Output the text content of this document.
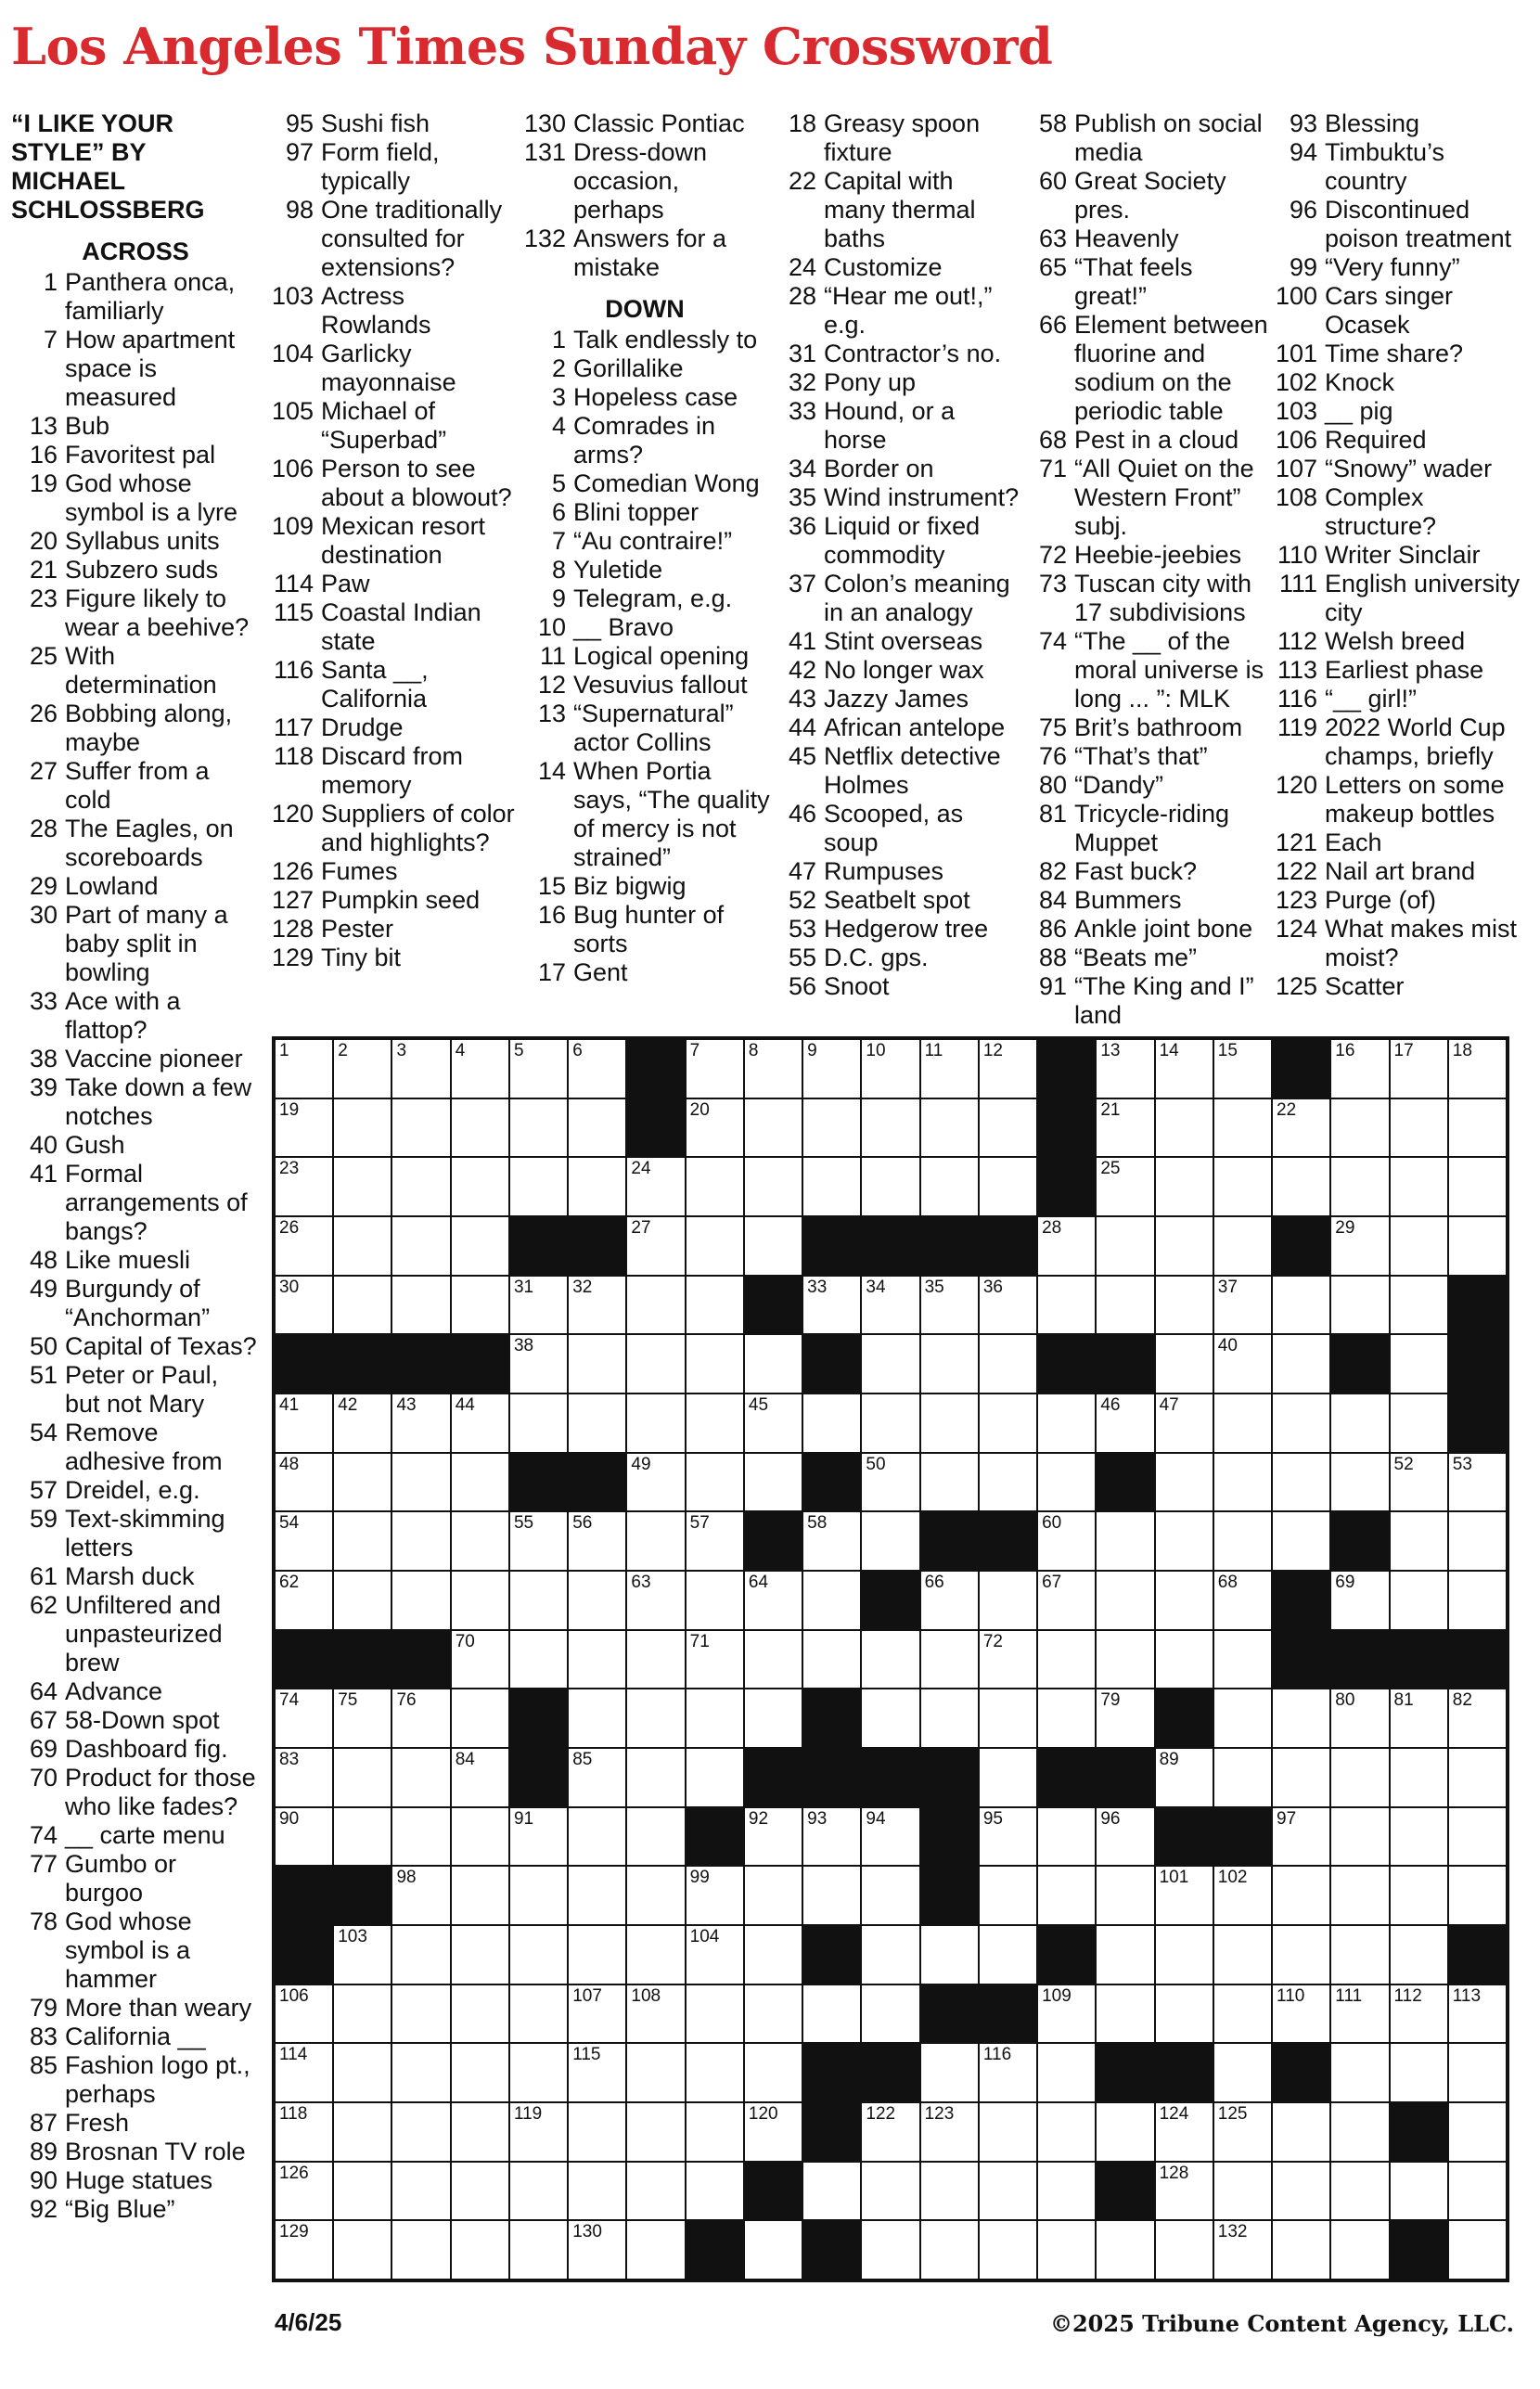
Los Angeles Times Sunday Crossword
“I LIKE YOUR STYLE” BY MICHAEL SCHLOSSBERG
ACROSS
1 Panthera onca, familiarly
7 How apartment space is measured
13 Bub
16 Favoritest pal
19 God whose symbol is a lyre
20 Syllabus units
21 Subzero suds
23 Figure likely to wear a beehive?
25 With determination
26 Bobbing along, maybe
27 Suffer from a cold
28 The Eagles, on scoreboards
29 Lowland
30 Part of many a baby split in bowling
33 Ace with a flattop?
38 Vaccine pioneer
39 Take down a few notches
40 Gush
41 Formal arrangements of bangs?
48 Like muesli
49 Burgundy of “Anchorman”
50 Capital of Texas?
51 Peter or Paul, but not Mary
54 Remove adhesive from
57 Dreidel, e.g.
59 Text-skimming letters
61 Marsh duck
62 Unfiltered and unpasteurized brew
64 Advance
67 58-Down spot
69 Dashboard fig.
70 Product for those who like fades?
74 __ carte menu
77 Gumbo or burgoo
78 God whose symbol is a hammer
79 More than weary
83 California __
85 Fashion logo pt., perhaps
87 Fresh
89 Brosnan TV role
90 Huge statues
92 “Big Blue”
95 Sushi fish
97 Form field, typically
98 One traditionally consulted for extensions?
103 Actress Rowlands
104 Garlicky mayonnaise
105 Michael of “Superbad”
106 Person to see about a blowout?
109 Mexican resort destination
114 Paw
115 Coastal Indian state
116 Santa __, California
117 Drudge
118 Discard from memory
120 Suppliers of color and highlights?
126 Fumes
127 Pumpkin seed
128 Pester
129 Tiny bit
130 Classic Pontiac
131 Dress-down occasion, perhaps
132 Answers for a mistake
DOWN
1 Talk endlessly to
2 Gorillalike
3 Hopeless case
4 Comrades in arms?
5 Comedian Wong
6 Blini topper
7 “Au contraire!”
8 Yuletide
9 Telegram, e.g.
10 __ Bravo
11 Logical opening
12 Vesuvius fallout
13 “Supernatural” actor Collins
14 When Portia says, “The quality of mercy is not strained”
15 Biz bigwig
16 Bug hunter of sorts
17 Gent
18 Greasy spoon fixture
22 Capital with many thermal baths
24 Customize
28 “Hear me out!,” e.g.
31 Contractor’s no.
32 Pony up
33 Hound, or a horse
34 Border on
35 Wind instrument?
36 Liquid or fixed commodity
37 Colon’s meaning in an analogy
41 Stint overseas
42 No longer wax
43 Jazzy James
44 African antelope
45 Netflix detective Holmes
46 Scooped, as soup
47 Rumpuses
52 Seatbelt spot
53 Hedgerow tree
55 D.C. gps.
56 Snoot
58 Publish on social media
60 Great Society pres.
63 Heavenly
65 “That feels great!”
66 Element between fluorine and sodium on the periodic table
68 Pest in a cloud
71 “All Quiet on the Western Front” subj.
72 Heebie-jeebies
73 Tuscan city with 17 subdivisions
74 “The __ of the moral universe is long ... ”: MLK
75 Brit’s bathroom
76 “That’s that”
80 “Dandy”
81 Tricycle-riding Muppet
82 Fast buck?
84 Bummers
86 Ankle joint bone
88 “Beats me”
91 “The King and I” land
93 Blessing
94 Timbuktu’s country
96 Discontinued poison treatment
99 “Very funny”
100 Cars singer Ocasek
101 Time share?
102 Knock
103 __ pig
106 Required
107 “Snowy” wader
108 Complex structure?
110 Writer Sinclair
111 English university city
112 Welsh breed
113 Earliest phase
116 “__ girl!”
119 2022 World Cup champs, briefly
120 Letters on some makeup bottles
121 Each
122 Nail art brand
123 Purge (of)
124 What makes mist moist?
125 Scatter
1	2	3	4	5	6	7	8	9	10 11 12	13 14 15	16 17 18
19	20	21	22
23	24	25
26	27	28	29
30	31 32	33 34 35 36	37
38	40
41 42 43 44	45	46 47
48	49	50	52 53
54	55 56	57	58	60
62	63	64	66	67	68	69
70	71	72
74 75 76	79	80 81 82
83	84	85	89
90	91	92 93 94	95	96	97
98	99	101 102
103	104
106	107 108	109	110 111 112 113
114	115	116
118	119	120	122 123	124 125
126	128
129	130	132
4/6/25	©2025 Tribune Content Agency, LLC.
